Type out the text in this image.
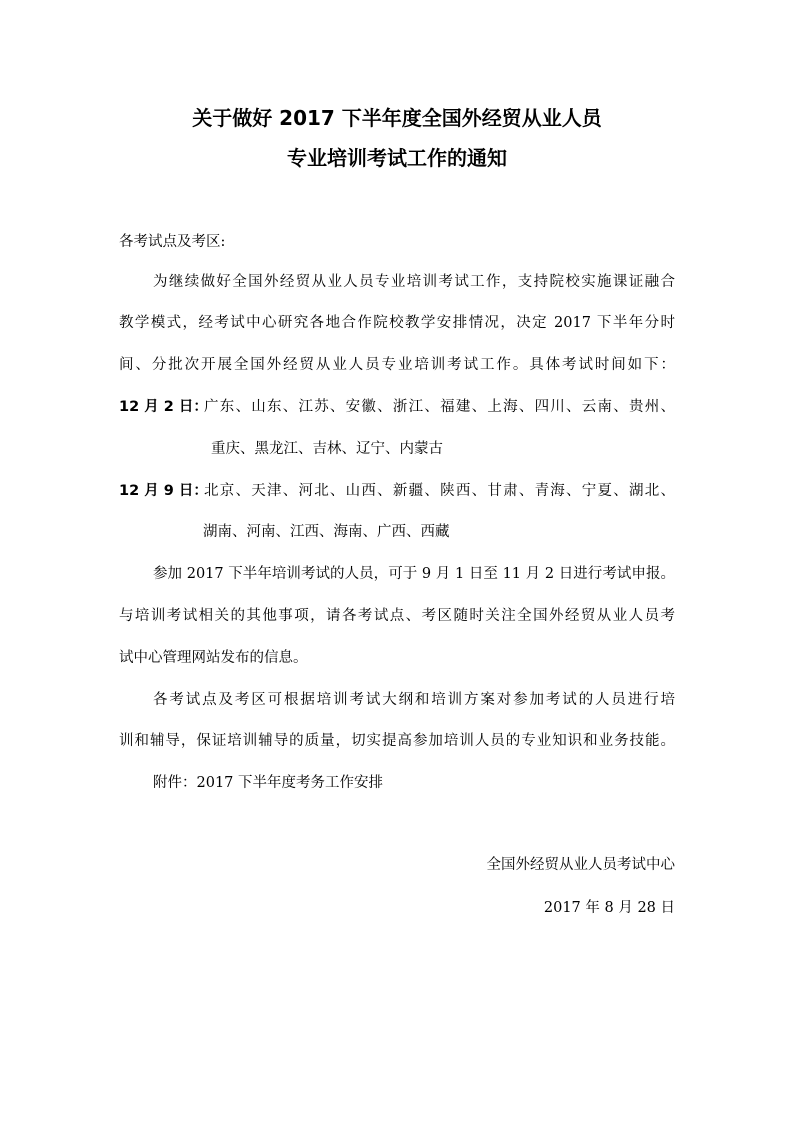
关于做好 2017 下半年度全国外经贸从业人员
专业培训考试工作的通知
各考试点及考区:
为继续做好全国外经贸从业人员专业培训考试工作，支持院校实施课证融合
教学模式，经考试中心研究各地合作院校教学安排情况，决定 2017 下半年分时
间、分批次开展全国外经贸从业人员专业培训考试工作。具体考试时间如下：
12 月 2 日：
广东、山东、江苏、安徽、浙江、福建、上海、四川、云南、贵州、
重庆、黑龙江、吉林、辽宁、内蒙古
12 月 9 日：
北京、天津、河北、山西、新疆、陕西、甘肃、青海、宁夏、湖北、
湖南、河南、江西、海南、广西、西藏
参加 2017 下半年培训考试的人员，可于 9 月 1 日至 11 月 2 日进行考试申报。
与培训考试相关的其他事项，请各考试点、考区随时关注全国外经贸从业人员考
试中心管理网站发布的信息。
各考试点及考区可根据培训考试大纲和培训方案对参加考试的人员进行培
训和辅导，保证培训辅导的质量，切实提高参加培训人员的专业知识和业务技能。
附件：2017 下半年度考务工作安排
全国外经贸从业人员考试中心
2017 年 8 月 28 日
